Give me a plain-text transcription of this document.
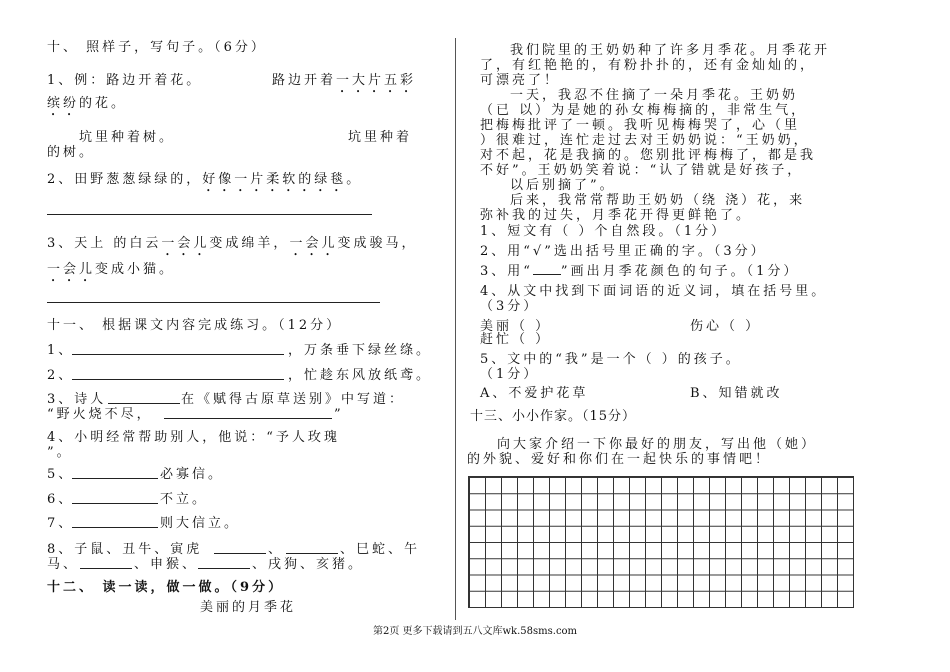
十、 照样子，写句子。（6分）
1、例：路边开着花。	路边开着一大片五彩
缤纷的花。
坑里种着树。	坑里种着
的树。
2、田野葱葱绿绿的，好像一片柔软的绿毯。
3、天上 的白云一会儿变成绵羊，一会儿变成骏马，
一会儿变成小猫。
十一、 根据课文内容完成练习。（12分）
1、	，万条垂下绿丝绦。
2、	，忙趁东风放纸鸢。
3、诗人	在《赋得古原草送别》中写道：
“野火烧不尽，	”
4、小明经常帮助别人，他说：“予人玫瑰
”。
5、	必寡信。
6、	不立。
7、	则大信立。
8、子鼠、丑牛、寅虎	、	、巳蛇、午
马、	、申猴、	、戌狗、亥猪。
十二、 读一读，做一做。（9分）
美丽的月季花
我们院里的王奶奶种了许多月季花。月季花开
了，有红艳艳的，有粉扑扑的，还有金灿灿的，
可漂亮了！
一天，我忍不住摘了一朵月季花。王奶奶
（已 以）为是她的孙女梅梅摘的，非常生气，
把梅梅批评了一顿。我听见梅梅哭了，心（里
）很难过，连忙走过去对王奶奶说：“王奶奶，
对不起，花是我摘的。您别批评梅梅了，都是我
不好”。王奶奶笑着说：“认了错就是好孩子，
以后别摘了”。
后来，我常常帮助王奶奶（绕 浇）花，来
弥补我的过失，月季花开得更鲜艳了。
1、短文有（ ）个自然段。（1分）
2、用“√”选出括号里正确的字。（3分）
3、用“ ”画出月季花颜色的句子。（1分）
4、从文中找到下面词语的近义词，填在括号里。
（3分）
美丽（ ）	伤心（ ）
赶忙（ ）
5、文中的“我”是一个（ ）的孩子。
（1分）
A、不爱护花草	B、知错就改
十三、小小作家。（15分）
向大家介绍一下你最好的朋友，写出他（她）
的外貌、爱好和你们在一起快乐的事情吧！
第2页 更多下载请到五八文库wk.58sms.com
